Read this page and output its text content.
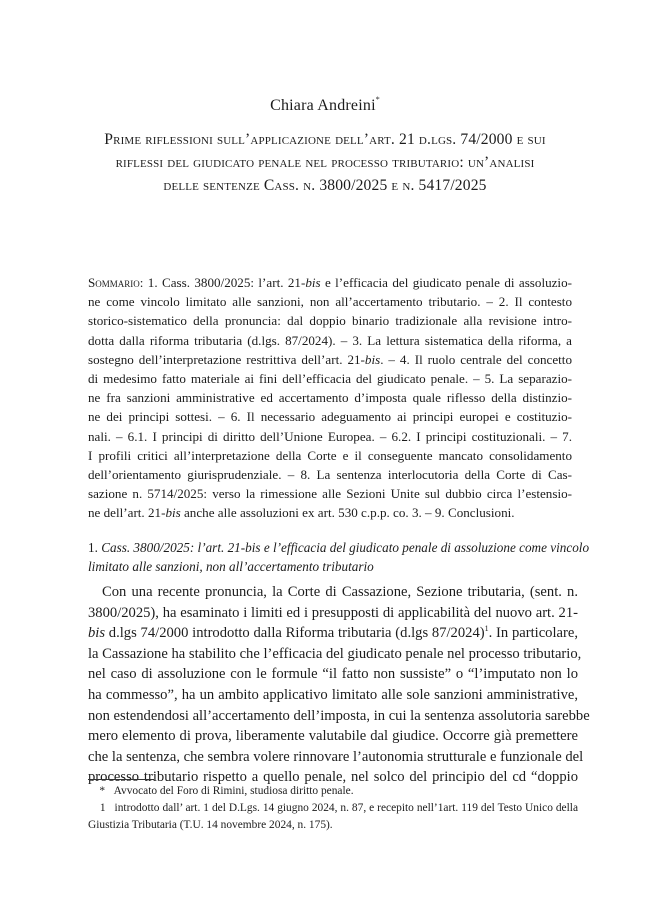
Chiara Andreini*
Prime riflessioni sull’applicazione dell’art. 21 d.lgs. 74/2000 e sui
riflessi del giudicato penale nel processo tributario: un’analisi
delle sentenze Cass. n. 3800/2025 e n. 5417/2025
Sommario: 1. Cass. 3800/2025: l’art. 21-bis e l’efficacia del giudicato penale di assoluzio-
ne come vincolo limitato alle sanzioni, non all’accertamento tributario. – 2. Il contesto
storico-sistematico della pronuncia: dal doppio binario tradizionale alla revisione intro-
dotta dalla riforma tributaria (d.lgs. 87/2024). – 3. La lettura sistematica della riforma, a
sostegno dell’interpretazione restrittiva dell’art. 21-bis. – 4. Il ruolo centrale del concetto
di medesimo fatto materiale ai fini dell’efficacia del giudicato penale. – 5. La separazio-
ne fra sanzioni amministrative ed accertamento d’imposta quale riflesso della distinzio-
ne dei principi sottesi. – 6. Il necessario adeguamento ai principi europei e costituzio-
nali. – 6.1. I principi di diritto dell’Unione Europea. – 6.2. I principi costituzionali. – 7.
I profili critici all’interpretazione della Corte e il conseguente mancato consolidamento
dell’orientamento giurisprudenziale. – 8. La sentenza interlocutoria della Corte di Cas-
sazione n. 5714/2025: verso la rimessione alle Sezioni Unite sul dubbio circa l’estensio-
ne dell’art. 21-bis anche alle assoluzioni ex art. 530 c.p.p. co. 3. – 9. Conclusioni.
1. Cass. 3800/2025: l’art. 21-bis e l’efficacia del giudicato penale di assoluzione come vincolo
limitato alle sanzioni, non all’accertamento tributario
Con una recente pronuncia, la Corte di Cassazione, Sezione tributaria, (sent. n.
3800/2025), ha esaminato i limiti ed i presupposti di applicabilità del nuovo art. 21-
bis d.lgs 74/2000 introdotto dalla Riforma tributaria (d.lgs 87/2024)$^1$. In particolare,
la Cassazione ha stabilito che l’efficacia del giudicato penale nel processo tributario,
nel caso di assoluzione con le formule “il fatto non sussiste” o “l’imputato non lo
ha commesso”, ha un ambito applicativo limitato alle sole sanzioni amministrative,
non estendendosi all’accertamento dell’imposta, in cui la sentenza assolutoria sarebbe
mero elemento di prova, liberamente valutabile dal giudice. Occorre già premettere
che la sentenza, che sembra volere rinnovare l’autonomia strutturale e funzionale del
processo tributario rispetto a quello penale, nel solco del principio del cd “doppio
* Avvocato del Foro di Rimini, studiosa diritto penale.
1 introdotto dall’ art. 1 del D.Lgs. 14 giugno 2024, n. 87, e recepito nell’1art. 119 del Testo Unico della
Giustizia Tributaria (T.U. 14 novembre 2024, n. 175).
